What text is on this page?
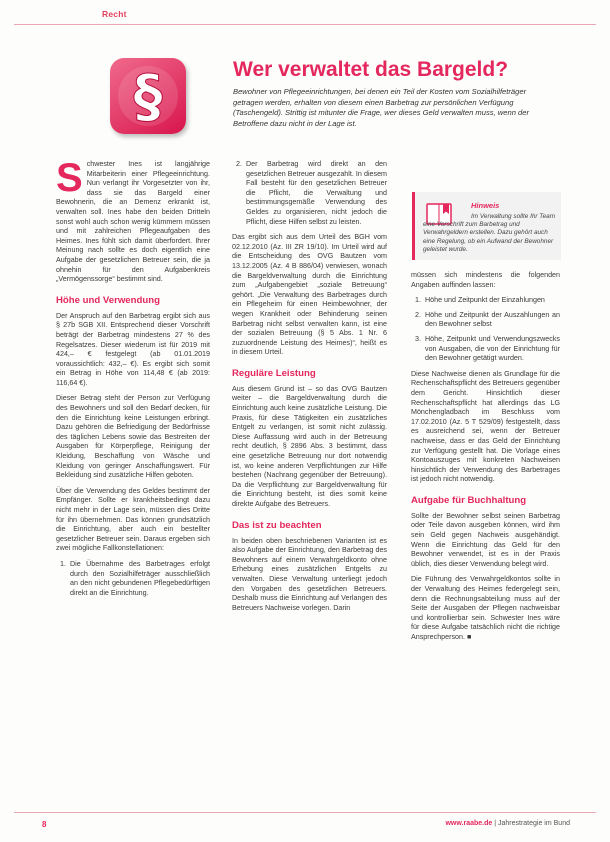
Recht
§	Wer verwaltet das Bargeld?

Bewohner von Pflegeeinrichtungen, bei denen ein Teil der Kosten vom Sozialhilfeträger getragen werden, erhalten von diesem einen Barbetrag zur persönlichen Verfügung (Taschengeld). Strittig ist mitunter die Frage, wer dieses Geld verwalten muss, wenn der Betroffene dazu nicht in der Lage ist.

Schwester Ines ist langjährige Mitarbeiterin einer Pflegeeinrichtung. Nun verlangt ihr Vorgesetzter von ihr, dass sie das Bargeld einer Bewohnerin, die an Demenz erkrankt ist, verwalten soll. Ines habe den beiden Dritteln sonst wohl auch schon wenig kümmern müssen und mit zahlreichen Pflegeaufgaben des Heimes. Ines fühlt sich damit überfordert. Ihrer Meinung nach sollte es doch eigentlich eine Aufgabe der gesetzlichen Betreuer sein, die ja ohnehin für den Aufgabenkreis „Vermögenssorge“ bestimmt sind.

Höhe und Verwendung

Der Anspruch auf den Barbetrag ergibt sich aus § 27b SGB XII. Entsprechend dieser Vorschrift beträgt der Barbetrag mindestens 27 % des Regelsatzes. Dieser wiederum ist für 2019 mit 424,– € festgelegt (ab 01.01.2019 voraussichtlich: 432,– €). Es ergibt sich somit ein Betrag in Höhe von 114,48 € (ab 2019: 116,64 €).

Dieser Betrag steht der Person zur Verfügung des Bewohners und soll den Bedarf decken, für den die Einrichtung keine Leistungen erbringt. Dazu gehören die Befriedigung der Bedürfnisse des täglichen Lebens sowie das Bestreiten der Ausgaben für Körperpflege, Reinigung der Kleidung, Beschaffung von Wäsche und Kleidung von geringer Anschaffungswert. Für Bekleidung sind zusätzliche Hilfen geboten.

Über die Verwendung des Geldes bestimmt der Empfänger. Sollte er krankheitsbedingt dazu nicht mehr in der Lage sein, müssen dies Dritte für ihn übernehmen. Das können grundsätzlich die Einrichtung, aber auch ein bestellter gesetzlicher Betreuer sein. Daraus ergeben sich zwei mögliche Fallkonstellationen:

1. Die Übernahme des Barbetrages erfolgt durch den Sozialhilfeträger ausschließlich an den nicht gebundenen Pflegebedürftigen direkt an die Einrichtung.
2. Der Barbetrag wird direkt an den gesetzlichen Betreuer ausgezahlt. In diesem Fall besteht für den gesetzlichen Betreuer die Pflicht, die Verwaltung und bestimmungsgemäße Verwendung des Geldes zu organisieren, nicht jedoch die Pflicht, diese Hilfen selbst zu leisten.

Das ergibt sich aus dem Urteil des BGH vom 02.12.2010 (Az. III ZR 19/10). Im Urteil wird auf die Entscheidung des OVG Bautzen vom 13.12.2005 (Az. 4 B 886/04) verwiesen, wonach die Bargeldverwaltung durch die Einrichtung zum „Aufgabengebiet „soziale Betreuung“ gehört. „Die Verwaltung des Barbetrages durch ein Pflegeheim für einen Heimbewohner, der wegen Krankheit oder Behinderung seinen Barbetrag nicht selbst verwalten kann, ist eine der sozialen Betreuung (§ 5 Abs. 1 Nr. 6 zuzuordnende Leistung des Heimes)“, heißt es in diesem Urteil.

Reguläre Leistung

Aus diesem Grund ist – so das OVG Bautzen weiter – die Bargeldverwaltung durch die Einrichtung auch keine zusätzliche Leistung. Die Praxis, für diese Tätigkeiten ein zusätzliches Entgelt zu verlangen, ist somit nicht zulässig. Diese Auffassung wird auch in der Betreuung recht deutlich, § 2896 Abs. 3 bestimmt, dass eine gesetzliche Betreuung nur dort notwendig ist, wo keine anderen Verpflichtungen zur Hilfe bestehen (Nachrang gegenüber der Betreuung). Da die Verpflichtung zur Bargeldverwaltung für die Einrichtung besteht, ist dies somit keine direkte Aufgabe des Betreuers.

Das ist zu beachten

In beiden oben beschriebenen Varianten ist es also Aufgabe der Einrichtung, den Barbetrag des Bewohners auf einem Verwahrgeldkonto ohne Erhebung eines zusätzlichen Entgelts zu verwalten. Diese Verwaltung unterliegt jedoch den Vorgaben des gesetzlichen Betreuers. Deshalb muss die Einrichtung auf Verlangen des Betreuers Nachweise vorlegen. Darin

Hinweis

Im Verwaltung sollte Ihr Team eine Vorschrift zum Barbetrag und Verwahrgeldern erstellen. Dazu gehört auch eine Regelung, ob ein Aufwand der Bewohner geleistet wurde.

müssen sich mindestens die folgenden Angaben auffinden lassen:

1. Höhe und Zeitpunkt der Einzahlungen
2. Höhe und Zeitpunkt der Auszahlungen an den Bewohner selbst
3. Höhe, Zeitpunkt und Verwendungszwecks von Ausgaben, die von der Einrichtung für den Bewohner getätigt wurden.

Diese Nachweise dienen als Grundlage für die Rechenschaftspflicht des Betreuers gegenüber dem Gericht. Hinsichtlich dieser Rechenschaftspflicht hat allerdings das LG Mönchengladbach im Beschluss vom 17.02.2010 (Az. 5 T 529/09) festgestellt, dass es ausreichend sei, wenn der Betreuer nachweise, dass er das Geld der Einrichtung zur Verfügung gestellt hat. Die Vorlage eines Kontoauszuges mit konkreten Nachweisen hinsichtlich der Verwendung des Barbetrages ist jedoch nicht notwendig.

Aufgabe für Buchhaltung

Sollte der Bewohner selbst seinen Barbetrag oder Teile davon ausgeben können, wird ihm sein Geld gegen Nachweis ausgehändigt. Wenn die Einrichtung das Geld für den Bewohner verwendet, ist es in der Praxis üblich, dies dieser Verwendung belegt wird.

Die Führung des Verwahrgeldkontos sollte in der Verwaltung des Heimes federgelegt sein, denn die Rechnungsabteilung muss auf der Seite der Ausgaben der Pflegen nachweisbar und kontrollierbar sein. Schwester Ines wäre für diese Aufgabe tatsächlich nicht die richtige Ansprechperson. ■

8	www.raabe.de | Jahrestrategie im Bund
